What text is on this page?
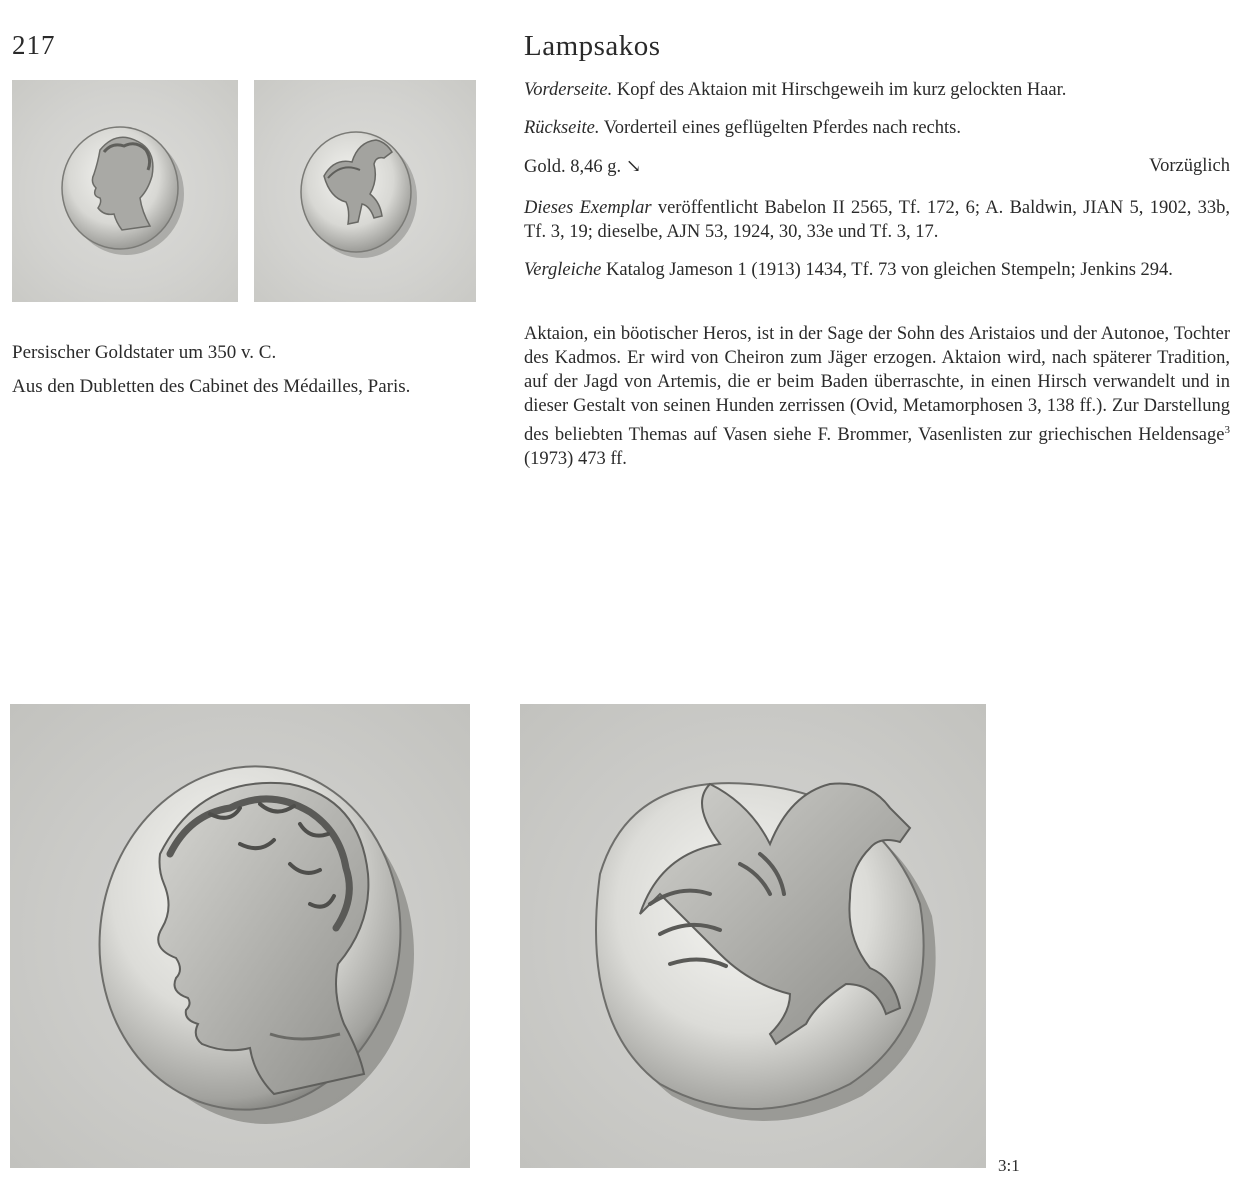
217
Persischer Goldstater um 350 v. C.
Aus den Dubletten des Cabinet des Médailles, Paris.
Lampsakos
Vorderseite. Kopf des Aktaion mit Hirschgeweih im kurz gelockten Haar.
Rückseite. Vorderteil eines geflügelten Pferdes nach rechts.
Gold. 8,46 g. ↘	Vorzüglich
Dieses Exemplar veröffentlicht Babelon II 2565, Tf. 172, 6; A. Baldwin, JIAN 5, 1902, 33b, Tf. 3, 19; dieselbe, AJN 53, 1924, 30, 33e und Tf. 3, 17.
Vergleiche Katalog Jameson 1 (1913) 1434, Tf. 73 von gleichen Stempeln; Jenkins 294.
Aktaion, ein böotischer Heros, ist in der Sage der Sohn des Aristaios und der Autonoe, Tochter des Kadmos. Er wird von Cheiron zum Jäger erzogen. Aktaion wird, nach späterer Tradition, auf der Jagd von Artemis, die er beim Baden überraschte, in einen Hirsch verwandelt und in dieser Gestalt von seinen Hunden zerrissen (Ovid, Metamorphosen 3, 138 ff.). Zur Darstellung des beliebten Themas auf Vasen siehe F. Brommer, Vasenlisten zur griechischen Heldensage$^3$ (1973) 473 ff.
3:1
